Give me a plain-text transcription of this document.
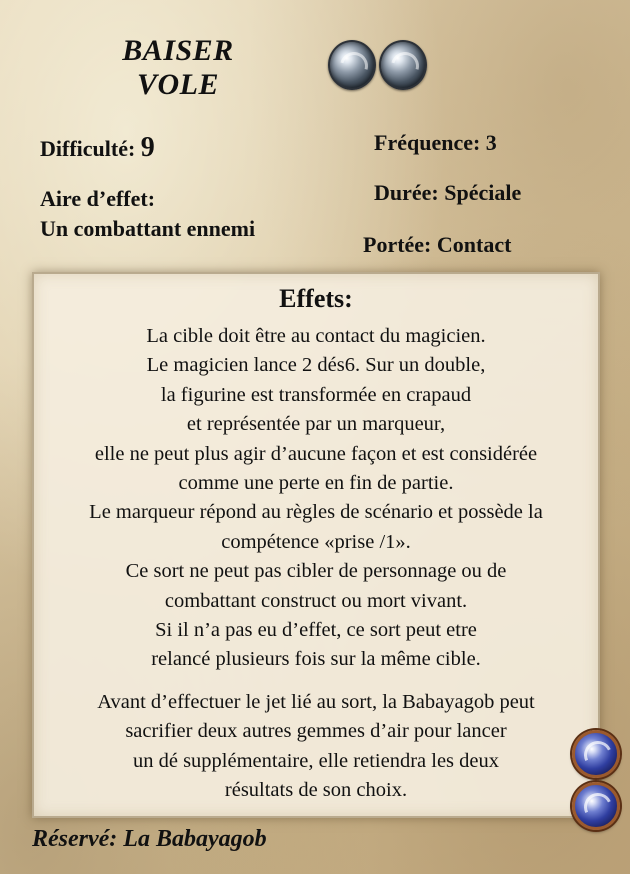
BAISER
VOLE
Difficulté: 9
Aire d’effet:
Un combattant ennemi
Fréquence: 3
Durée: Spéciale
Portée: Contact
Effets:
La cible doit être au contact du magicien.
Le magicien lance 2 dés6. Sur un double,
la figurine est transformée en crapaud
et représentée par un marqueur,
elle ne peut plus agir d’aucune façon et est considérée
comme une perte en fin de partie.
Le marqueur répond au règles de scénario et possède la
compétence «prise /1».
Ce sort ne peut pas cibler de personnage ou de
combattant construct ou mort vivant.
Si il n’a pas eu d’effet, ce sort peut etre
relancé plusieurs fois sur la même cible.
Avant d’effectuer le jet lié au sort, la Babayagob peut
sacrifier deux autres gemmes d’air pour lancer
un dé supplémentaire, elle retiendra les deux
résultats de son choix.
Réservé: La Babayagob
